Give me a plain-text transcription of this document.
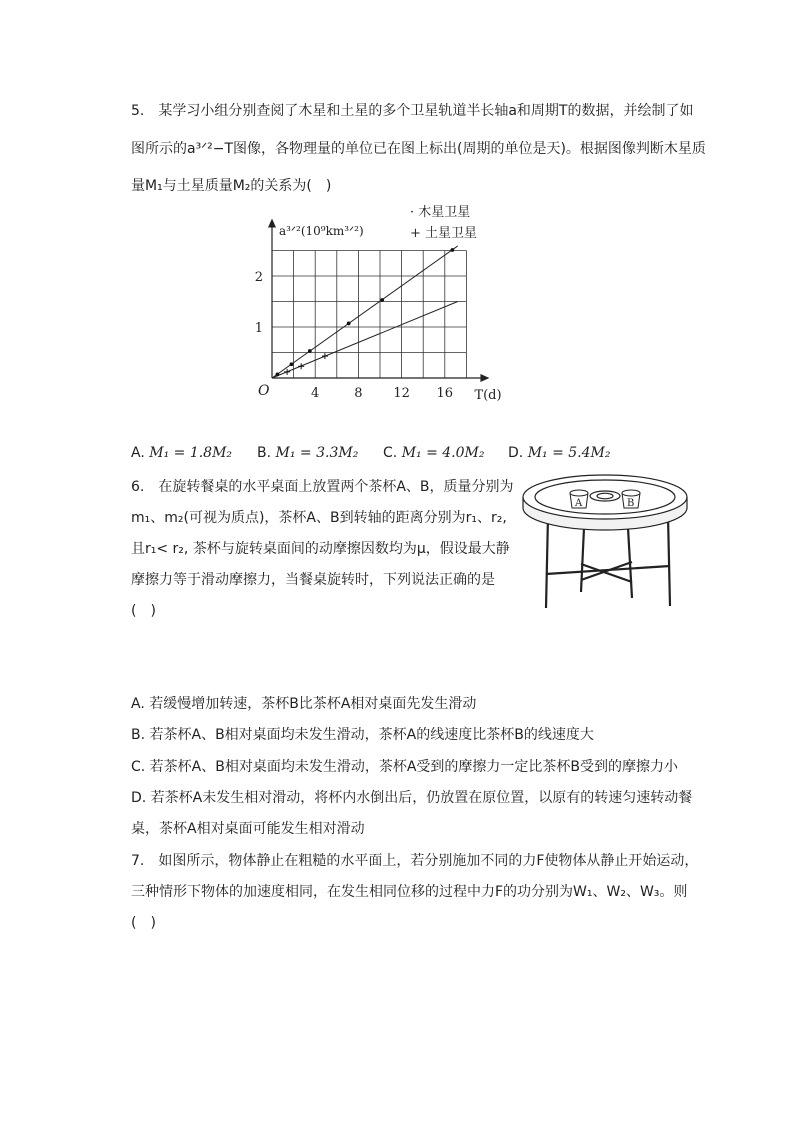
5.　某学习小组分别查阅了木星和土星的多个卫星轨道半长轴a和周期T的数据，并绘制了如
图所示的a³ᐟ²−T图像，各物理量的单位已在图上标出(周期的单位是天)。根据图像判断木星质
量M₁与土星质量M₂的关系为(　)
4	8 12 16
1
2
O	T(d)
a³ᐟ²(10⁹km³ᐟ²)
· 木星卫星
+ 土星卫星
A. M₁ = 1.8M₂ B. M₁ = 3.3M₂ C. M₁ = 4.0M₂ D. M₁ = 5.4M₂
6.　在旋转餐桌的水平桌面上放置两个茶杯A、B，质量分别为
m₁、m₂(可视为质点)，茶杯A、B到转轴的距离分别为r₁、r₂,
且r₁< r₂, 茶杯与旋转桌面间的动摩擦因数均为μ，假设最大静
摩擦力等于滑动摩擦力，当餐桌旋转时，下列说法正确的是
(　)
A	B
A. 若缓慢增加转速，茶杯B比茶杯A相对桌面先发生滑动
B. 若茶杯A、B相对桌面均未发生滑动，茶杯A的线速度比茶杯B的线速度大
C. 若茶杯A、B相对桌面均未发生滑动，茶杯A受到的摩擦力一定比茶杯B受到的摩擦力小
D. 若茶杯A未发生相对滑动，将杯内水倒出后，仍放置在原位置，以原有的转速匀速转动餐
桌，茶杯A相对桌面可能发生相对滑动
7.　如图所示，物体静止在粗糙的水平面上，若分别施加不同的力F使物体从静止开始运动，
三种情形下物体的加速度相同，在发生相同位移的过程中力F的功分别为W₁、W₂、W₃。则
(　)
